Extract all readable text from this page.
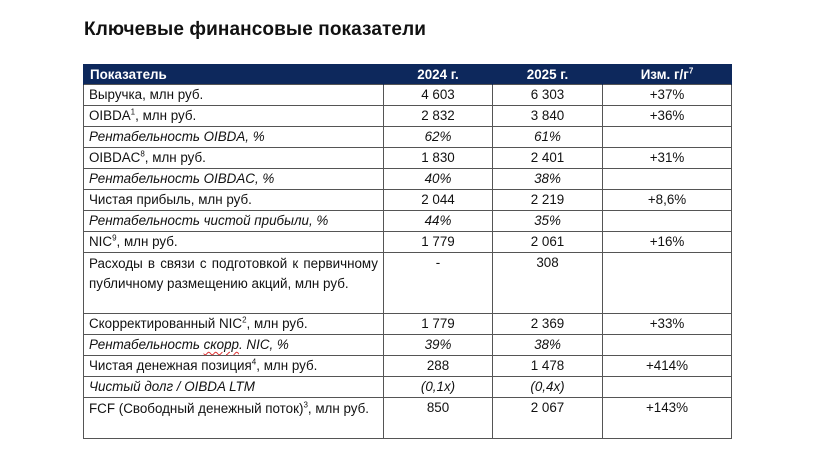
Ключевые финансовые показатели
Показатель	2024 г.	2025 г.	Изм. $г/г^7$
Выручка, млн руб.	4 603	6 303	+37%
OIBDA$^1$, млн руб.	2 832	3 840	+36%
Рентабельность OIBDA, %	62%	61%	
OIBDAC$^8$, млн руб.	1 830	2 401	+31%
Рентабельность OIBDAC, %	40%	38%	
Чистая прибыль, млн руб.	2 044	2 219	+8,6%
Рентабельность чистой прибыли, %	44%	35%	
NIC$^9$, млн руб.	1 779	2 061	+16%
Расходы в связи с подготовкой к первичному публичному размещению акций, млн руб.	-	308	
Скорректированный NIC$^2$, млн руб.	1 779	2 369	+33%
Рентабельность скорр. NIC, %	39%	38%	
Чистая денежная позиция$^4$, млн руб.	288	1 478	+414%
Чистый долг / OIBDA LTM	(0,1x)	(0,4x)	
FCF (Свободный денежный поток)$^3$, млн руб.	850	2 067	+143%
